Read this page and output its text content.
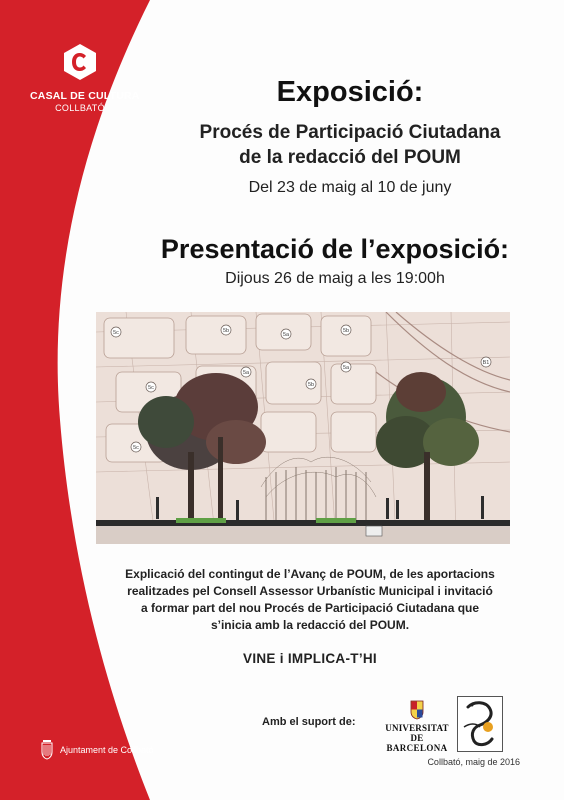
CASAL DE CULTURA
COLLBATÓ	Exposició:
Procés de Participació Ciutadana
de la redacció del POUM
Del 23 de maig al 10 de juny
Presentació de l’exposició:
Dijous 26 de maig a les 19:00h
5c	5b
5a
5b
5c
5a
5b
5a
5c
B1
Explicació del contingut de l’Avanç de POUM, de les aportacions
realitzades pel Consell Assessor Urbanístic Municipal i invitació
a formar part del nou Procés de Participació Ciutadana que
s’inicia amb la redacció del POUM.
VINE i IMPLICA-T’HI
Amb el suport de:	UNIVERSITAT DE
BARCELONA
Ajuntament de Collbató
Collbató, maig de 2016
